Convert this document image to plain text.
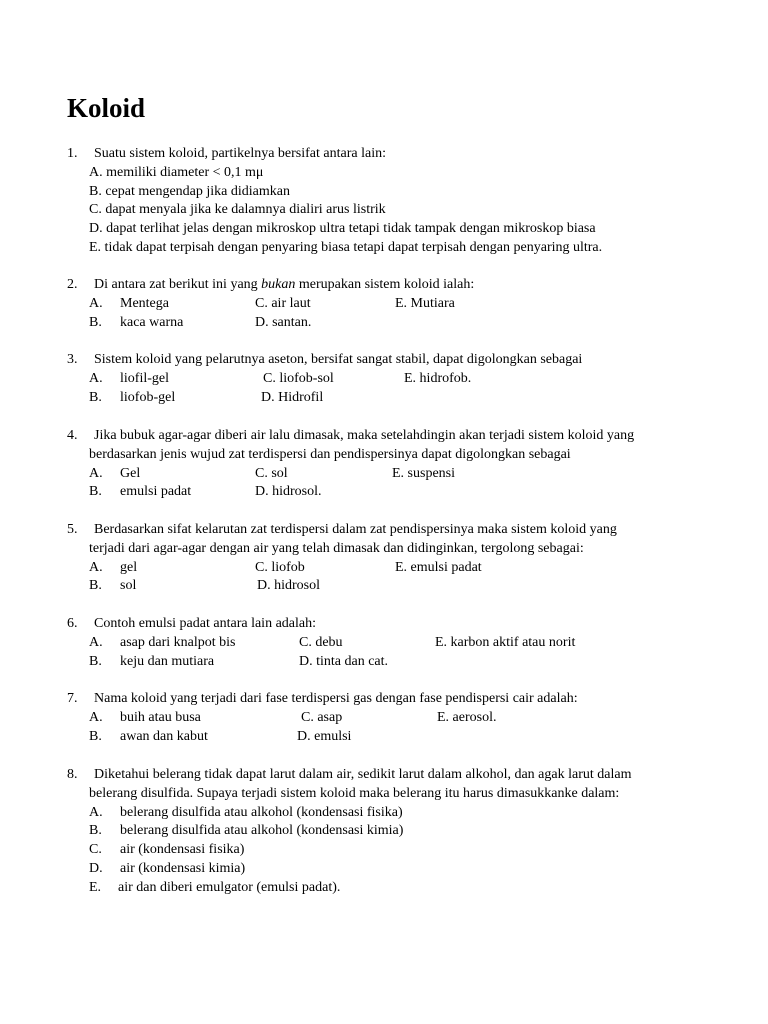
Koloid
1. Suatu sistem koloid, partikelnya bersifat antara lain:
A. memiliki diameter < 0,1 mμ
B. cepat mengendap jika didiamkan
C. dapat menyala jika ke dalamnya dialiri arus listrik
D. dapat terlihat jelas dengan mikroskop ultra tetapi tidak tampak dengan mikroskop biasa
E. tidak dapat terpisah dengan penyaring biasa tetapi dapat terpisah dengan penyaring ultra.
2. Di antara zat berikut ini yang bukan merupakan sistem koloid ialah:
A. Mentega	C. air laut	E. Mutiara
B. kaca warna	D. santan.
3. Sistem koloid yang pelarutnya aseton, bersifat sangat stabil, dapat digolongkan sebagai
A. liofil-gel	C. liofob-sol	E. hidrofob.
B. liofob-gel	D. Hidrofil
4. Jika bubuk agar-agar diberi air lalu dimasak, maka setelahdingin akan terjadi sistem koloid yang
berdasarkan jenis wujud zat terdispersi dan pendispersinya dapat digolongkan sebagai
A. Gel	C. sol	E. suspensi
B. emulsi padat	D. hidrosol.
5. Berdasarkan sifat kelarutan zat terdispersi dalam zat pendispersinya maka sistem koloid yang
terjadi dari agar-agar dengan air yang telah dimasak dan didinginkan, tergolong sebagai:
A. gel	C. liofob	E. emulsi padat
B. sol	D. hidrosol
6. Contoh emulsi padat antara lain adalah:
A. asap dari knalpot bis	C. debu	E. karbon aktif atau norit
B. keju dan mutiara	D. tinta dan cat.
7. Nama koloid yang terjadi dari fase terdispersi gas dengan fase pendispersi cair adalah:
A. buih atau busa	C. asap	E. aerosol.
B. awan dan kabut	D. emulsi
8. Diketahui belerang tidak dapat larut dalam air, sedikit larut dalam alkohol, dan agak larut dalam
belerang disulfida. Supaya terjadi sistem koloid maka belerang itu harus dimasukkanke dalam:
A. belerang disulfida atau alkohol (kondensasi fisika)
B. belerang disulfida atau alkohol (kondensasi kimia)
C. air (kondensasi fisika)
D. air (kondensasi kimia)
E. air dan diberi emulgator (emulsi padat).
